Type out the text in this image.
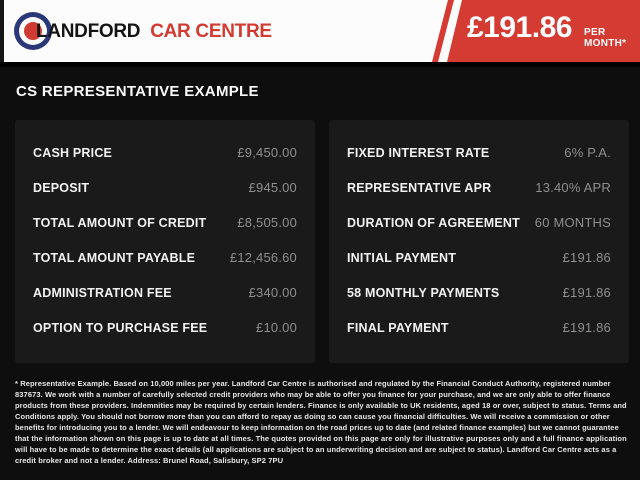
LANDFORD CAR CENTRE	£191.86 PER MONTH*
CS REPRESENTATIVE EXAMPLE
CASH PRICE	£9,450.00
DEPOSIT	£945.00
TOTAL AMOUNT OF CREDIT £8,505.00
TOTAL AMOUNT PAYABLE	£12,456.60
ADMINISTRATION FEE	£340.00
OPTION TO PURCHASE FEE	£10.00
FIXED INTEREST RATE	6% P.A.
REPRESENTATIVE APR	13.40% APR
DURATION OF AGREEMENT 60 MONTHS
INITIAL PAYMENT	£191.86
58 MONTHLY PAYMENTS	£191.86
FINAL PAYMENT	£191.86

* Representative Example. Based on 10,000 miles per year. Landford Car Centre is authorised and regulated by the Financial Conduct Authority, registered number 837673. We work with a number of carefully selected credit providers who may be able to offer you finance for your purchase, and we are only able to offer finance products from these providers. Indemnities may be required by certain lenders. Finance is only available to UK residents, aged 18 or over, subject to status. Terms and Conditions apply. You should not borrow more than you can afford to repay as doing so can cause you financial difficulties. We will receive a commission or other benefits for introducing you to a lender. We will endeavour to keep information on the road prices up to date (and related finance examples) but we cannot guarantee that the information shown on this page is up to date at all times. The quotes provided on this page are only for illustrative purposes only and a full finance application will have to be made to determine the exact details (all applications are subject to an underwriting decision and are subject to status). Landford Car Centre acts as a credit broker and not a lender. Address: Brunel Road, Salisbury, SP2 7PU
